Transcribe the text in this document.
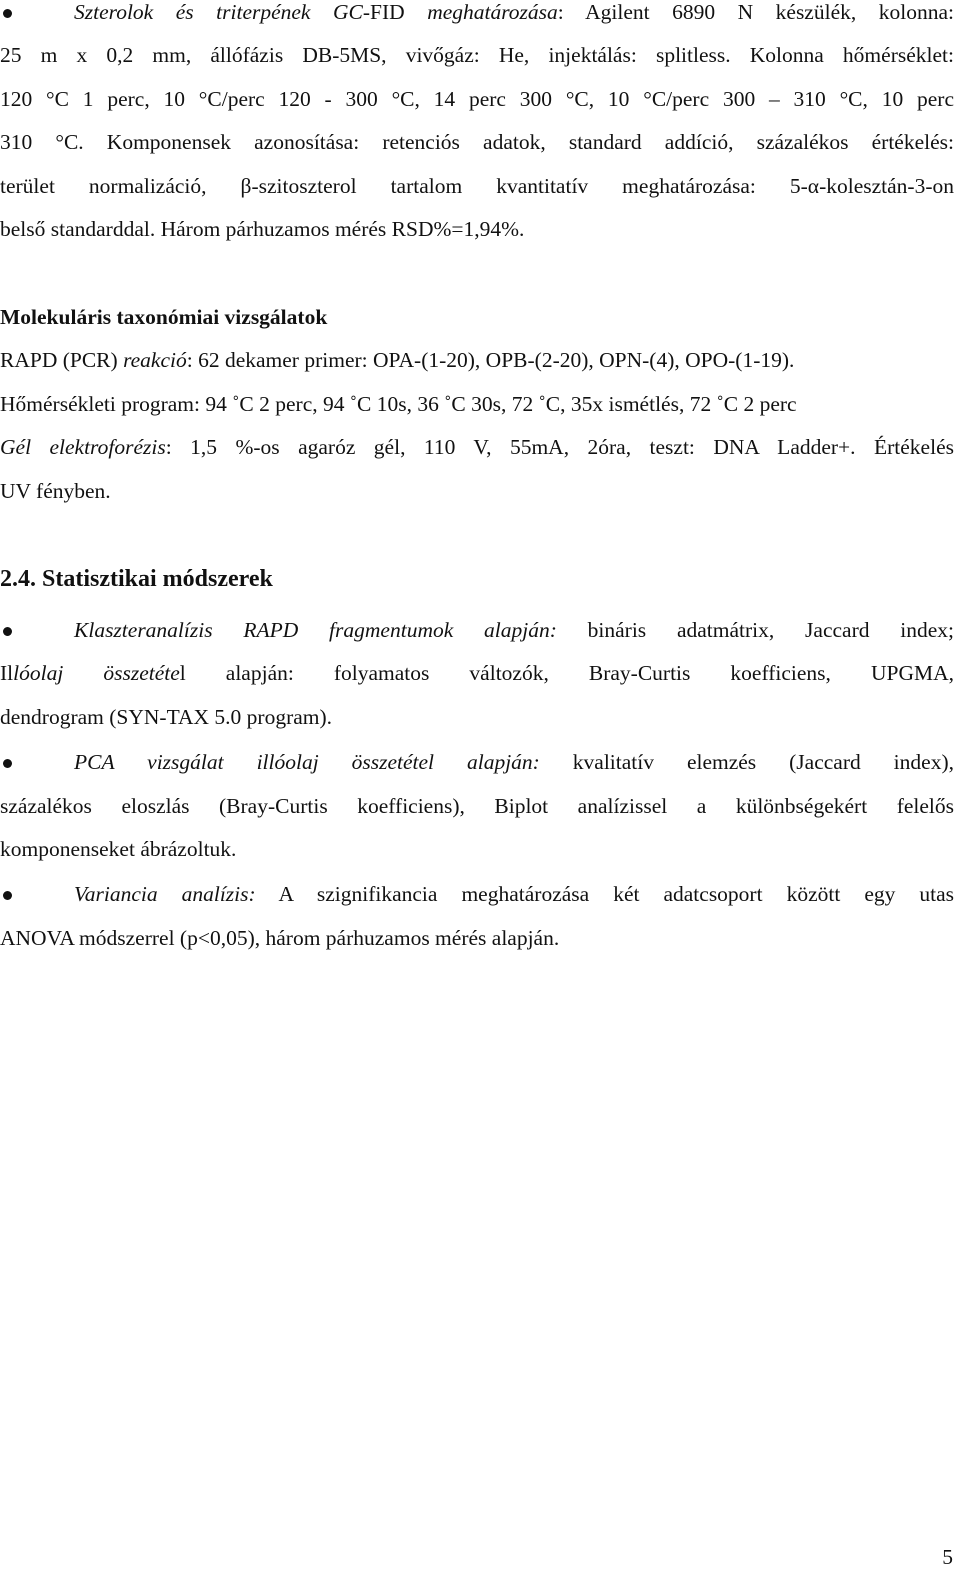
Szterolok és triterpének GC-FID meghatározása: Agilent 6890 N készülék, kolonna:
25 m x 0,2 mm, állófázis DB-5MS, vivőgáz: He, injektálás: splitless. Kolonna hőmérséklet:
120 °C 1 perc, 10 °C/perc 120 - 300 °C, 14 perc 300 °C, 10 °C/perc 300 – 310 °C, 10 perc
310 °C. Komponensek azonosítása: retenciós adatok, standard addíció, százalékos értékelés:
terület normalizáció, β-szitoszterol tartalom kvantitatív meghatározása: 5-α-kolesztán-3-on
belső standarddal. Három párhuzamos mérés RSD%=1,94%.
Molekuláris taxonómiai vizsgálatok
RAPD (PCR) reakció: 62 dekamer primer: OPA-(1-20), OPB-(2-20), OPN-(4), OPO-(1-19).
Hőmérsékleti program: 94 ˚C 2 perc, 94 ˚C 10s, 36 ˚C 30s, 72 ˚C, 35x ismétlés, 72 ˚C 2 perc
Gél elektroforézis: 1,5 %-os agaróz gél, 110 V, 55mA, 2óra, teszt: DNA Ladder+. Értékelés
UV fényben.
2.4. Statisztikai módszerek
Klaszteranalízis RAPD fragmentumok alapján: bináris adatmátrix, Jaccard index;
Illóolaj összetétel alapján: folyamatos változók, Bray-Curtis koefficiens, UPGMA,
dendrogram (SYN-TAX 5.0 program).
PCA vizsgálat illóolaj összetétel alapján: kvalitatív elemzés (Jaccard index),
százalékos eloszlás (Bray-Curtis koefficiens), Biplot analízissel a különbségekért felelős
komponenseket ábrázoltuk.
Variancia analízis: A szignifikancia meghatározása két adatcsoport között egy utas
ANOVA módszerrel (p<0,05), három párhuzamos mérés alapján.
5
